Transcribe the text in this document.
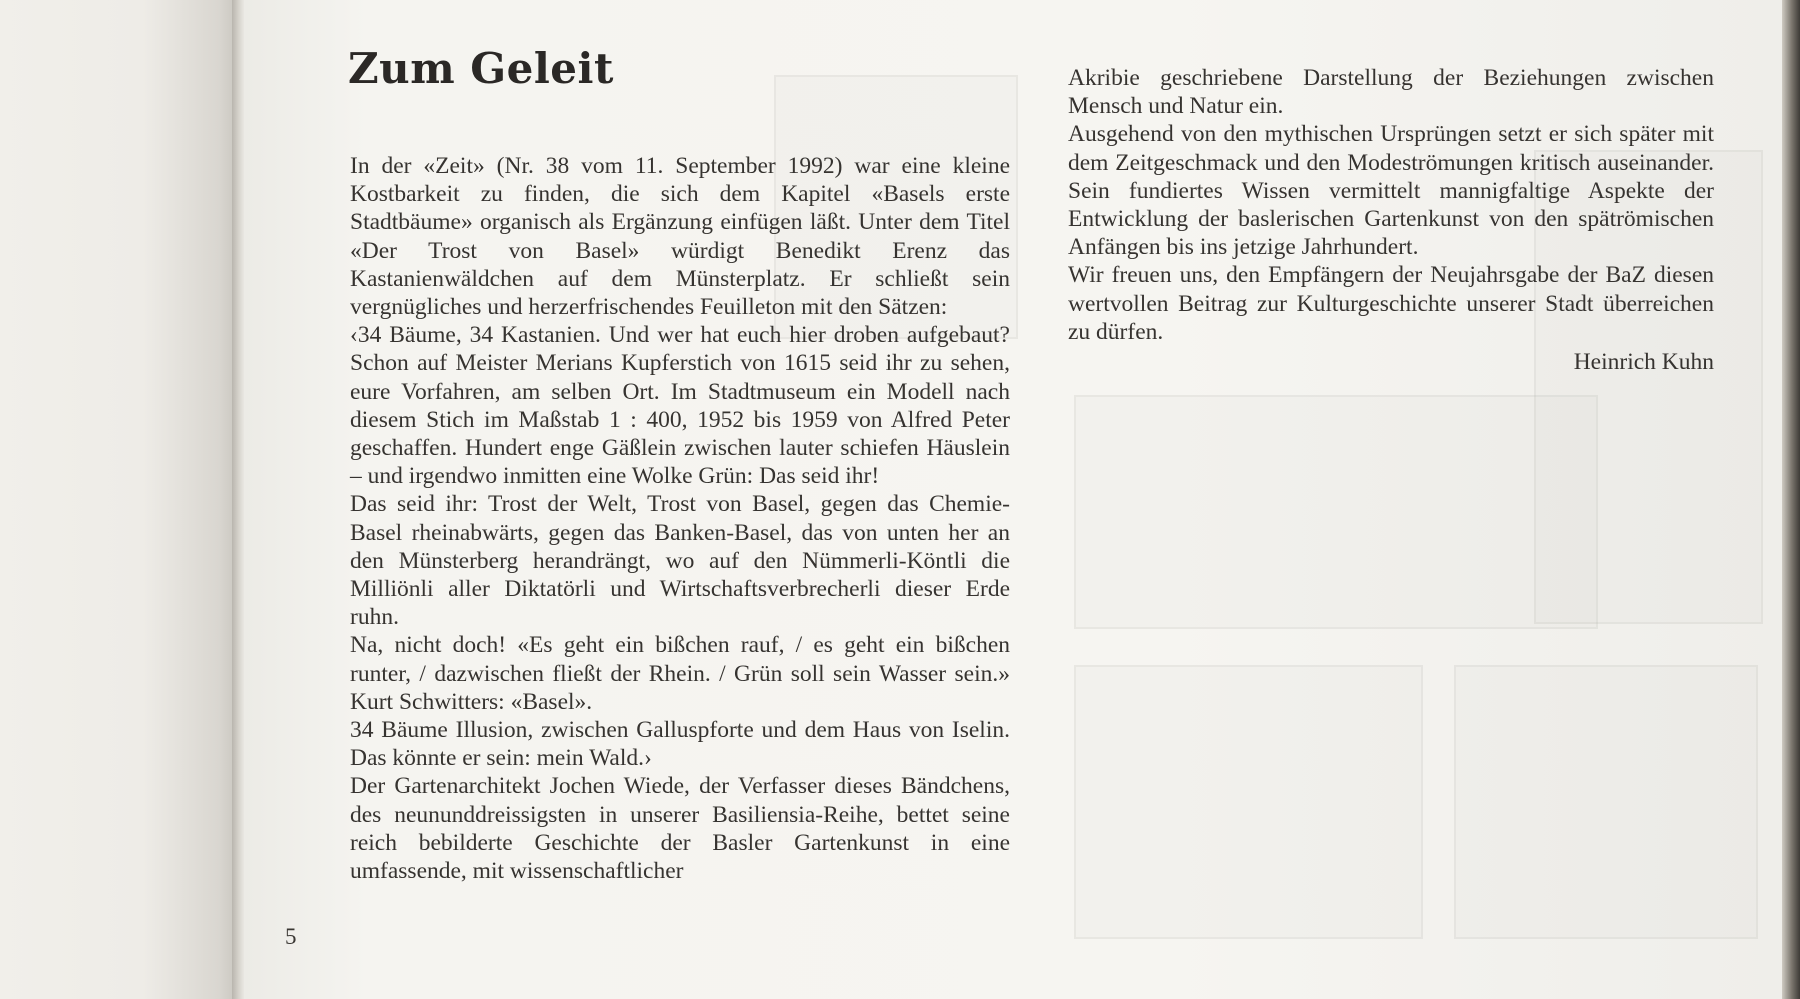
Zum Geleit

In der «Zeit» (Nr. 38 vom 11. September 1992) war eine kleine Kostbarkeit zu finden, die sich dem Kapitel «Basels erste Stadtbäume» organisch als Ergänzung einfügen läßt. Unter dem Titel «Der Trost von Basel» würdigt Benedikt Erenz das Kastanienwäldchen auf dem Münsterplatz. Er schließt sein vergnügliches und herzerfrischendes Feuilleton mit den Sätzen:

‹34 Bäume, 34 Kastanien. Und wer hat euch hier droben aufgebaut? Schon auf Meister Merians Kupferstich von 1615 seid ihr zu sehen, eure Vorfahren, am selben Ort. Im Stadtmuseum ein Modell nach diesem Stich im Maßstab 1 : 400, 1952 bis 1959 von Alfred Peter geschaffen. Hundert enge Gäßlein zwischen lauter schiefen Häuslein – und irgendwo inmitten eine Wolke Grün: Das seid ihr!

Das seid ihr: Trost der Welt, Trost von Basel, gegen das Chemie-Basel rheinabwärts, gegen das Banken-Basel, das von unten her an den Münsterberg herandrängt, wo auf den Nümmerli-Köntli die Milliönli aller Diktatörli und Wirtschaftsverbrecherli dieser Erde ruhn.

Na, nicht doch! «Es geht ein bißchen rauf, / es geht ein bißchen runter, / dazwischen fließt der Rhein. / Grün soll sein Wasser sein.» Kurt Schwitters: «Basel».

34 Bäume Illusion, zwischen Galluspforte und dem Haus von Iselin. Das könnte er sein: mein Wald.›

Der Gartenarchitekt Jochen Wiede, der Verfasser dieses Bändchens, des neununddreissigsten in unserer Basiliensia-Reihe, bettet seine reich bebilderte Geschichte der Basler Gartenkunst in eine umfassende, mit wissenschaftlicher

Akribie geschriebene Darstellung der Beziehungen zwischen Mensch und Natur ein.

Ausgehend von den mythischen Ursprüngen setzt er sich später mit dem Zeitgeschmack und den Modeströmungen kritisch auseinander. Sein fundiertes Wissen vermittelt mannigfaltige Aspekte der Entwicklung der baslerischen Gartenkunst von den spätrömischen Anfängen bis ins jetzige Jahrhundert.

Wir freuen uns, den Empfängern der Neujahrsgabe der BaZ diesen wertvollen Beitrag zur Kulturgeschichte unserer Stadt überreichen zu dürfen.

Heinrich Kuhn

5
